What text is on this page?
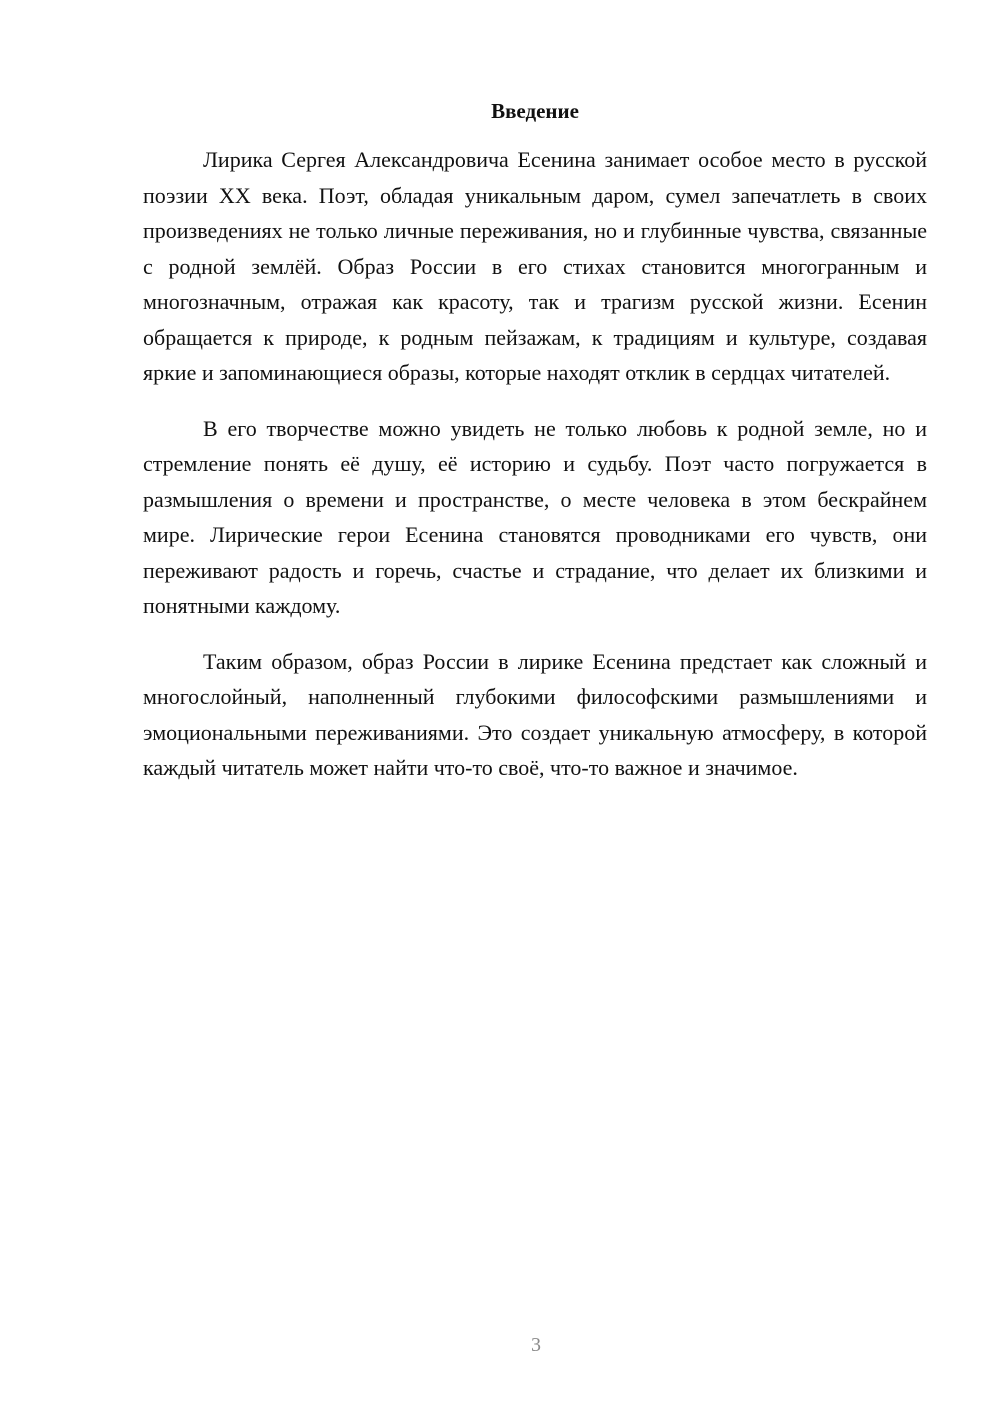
Введение

Лирика Сергея Александровича Есенина занимает особое место в русской поэзии XX века. Поэт, обладая уникальным даром, сумел запечатлеть в своих произведениях не только личные переживания, но и глубинные чувства, связанные с родной землёй. Образ России в его стихах становится многогранным и многозначным, отражая как красоту, так и трагизм русской жизни. Есенин обращается к природе, к родным пейзажам, к традициям и культуре, создавая яркие и запоминающиеся образы, которые находят отклик в сердцах читателей.

В его творчестве можно увидеть не только любовь к родной земле, но и стремление понять её душу, её историю и судьбу. Поэт часто погружается в размышления о времени и пространстве, о месте человека в этом бескрайнем мире. Лирические герои Есенина становятся проводниками его чувств, они переживают радость и горечь, счастье и страдание, что делает их близкими и понятными каждому.

Таким образом, образ России в лирике Есенина предстает как сложный и многослойный, наполненный глубокими философскими размышлениями и эмоциональными переживаниями. Это создает уникальную атмосферу, в которой каждый читатель может найти что-то своё, что-то важное и значимое.

3
